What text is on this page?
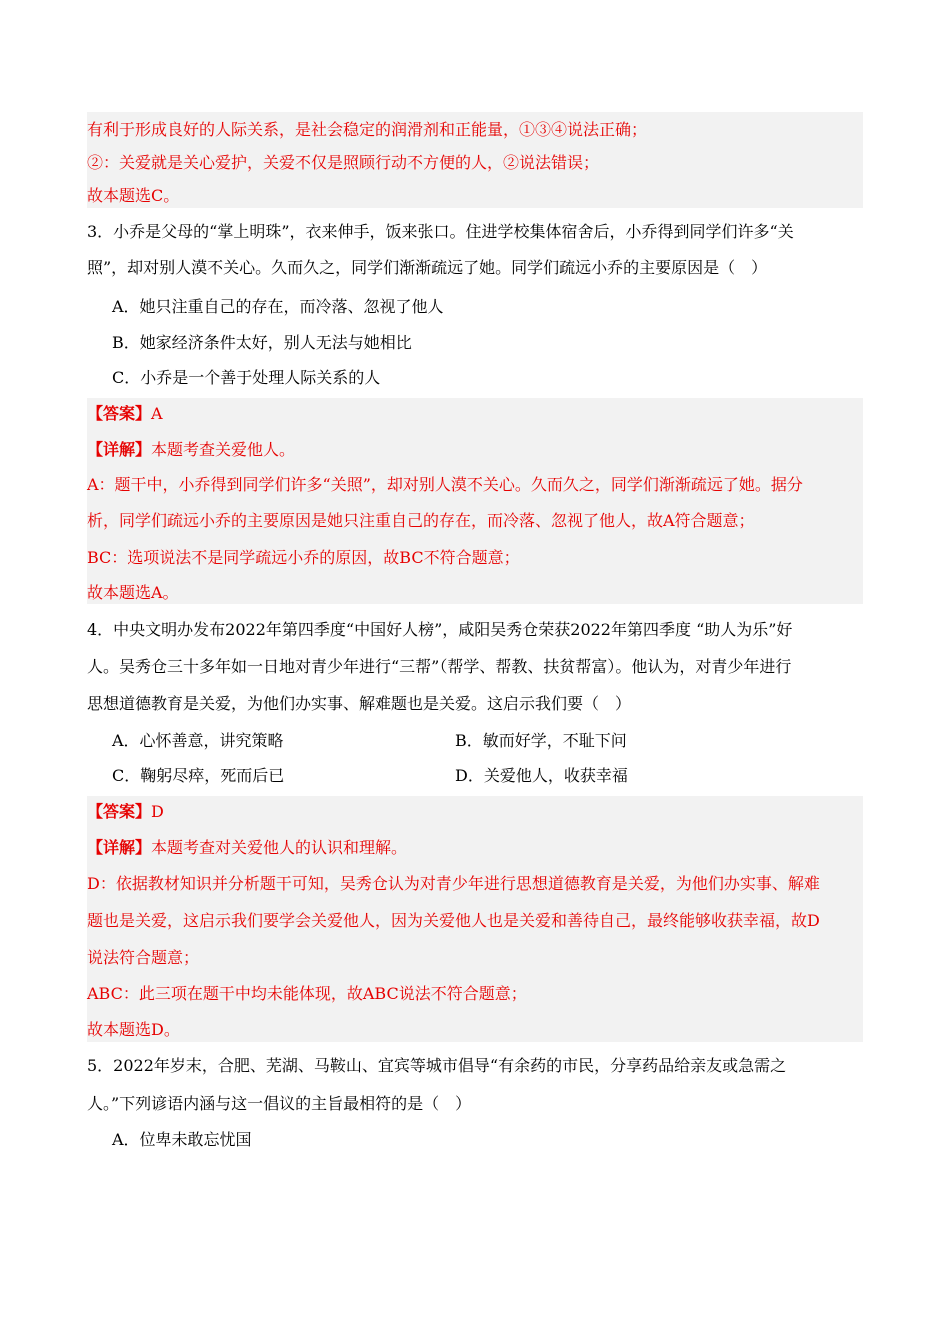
有利于形成良好的人际关系，是社会稳定的润滑剂和正能量，①③④说法正确；
②：关爱就是关心爱护，关爱不仅是照顾行动不方便的人，②说法错误；
故本题选C。
3．小乔是父母的“掌上明珠”，衣来伸手，饭来张口。住进学校集体宿舍后，小乔得到同学们许多“关
照”，却对别人漠不关心。久而久之，同学们渐渐疏远了她。同学们疏远小乔的主要原因是（　）
A．她只注重自己的存在，而冷落、忽视了他人
B．她家经济条件太好，别人无法与她相比
C．小乔是一个善于处理人际关系的人
【答案】A
【详解】本题考查关爱他人。
A：题干中，小乔得到同学们许多“关照”，却对别人漠不关心。久而久之，同学们渐渐疏远了她。据分
析，同学们疏远小乔的主要原因是她只注重自己的存在，而冷落、忽视了他人，故A符合题意；
BC：选项说法不是同学疏远小乔的原因，故BC不符合题意；
故本题选A。
4．中央文明办发布2022年第四季度“中国好人榜”，咸阳吴秀仓荣获2022年第四季度 “助人为乐”好
人。吴秀仓三十多年如一日地对青少年进行“三帮”（帮学、帮教、扶贫帮富）。他认为，对青少年进行
思想道德教育是关爱，为他们办实事、解难题也是关爱。这启示我们要（　）
A．心怀善意，讲究策略	B．敏而好学，不耻下问
C．鞠躬尽瘁，死而后已	D．关爱他人，收获幸福
【答案】D
【详解】本题考查对关爱他人的认识和理解。
D：依据教材知识并分析题干可知，吴秀仓认为对青少年进行思想道德教育是关爱，为他们办实事、解难
题也是关爱，这启示我们要学会关爱他人，因为关爱他人也是关爱和善待自己，最终能够收获幸福，故D
说法符合题意；
ABC：此三项在题干中均未能体现，故ABC说法不符合题意；
故本题选D。
5．2022年岁末，合肥、芜湖、马鞍山、宜宾等城市倡导“有余药的市民，分享药品给亲友或急需之
人。”下列谚语内涵与这一倡议的主旨最相符的是（　）
A．位卑未敢忘忧国
